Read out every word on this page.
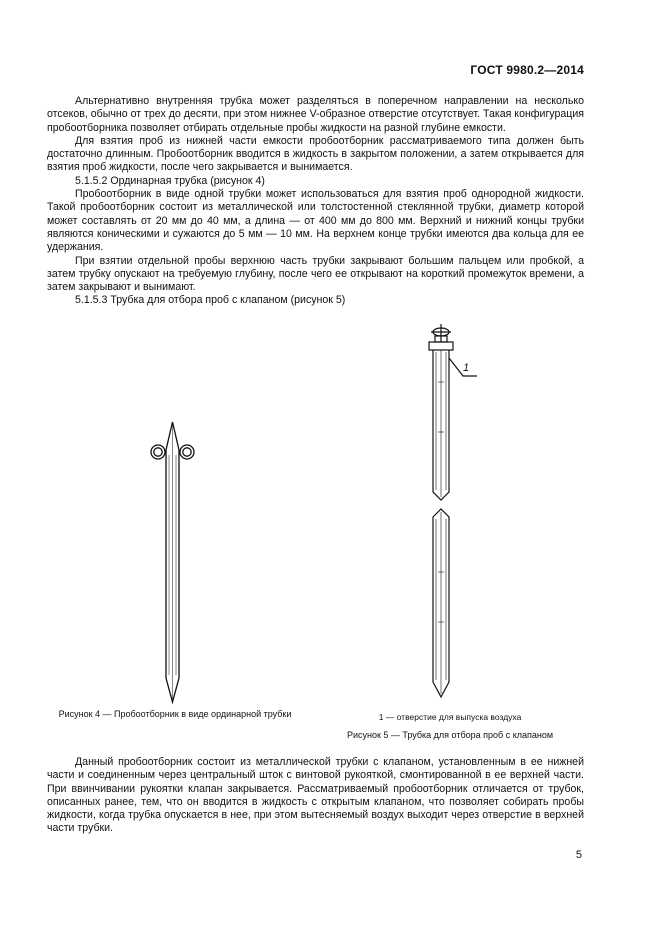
ГОСТ 9980.2—2014

Альтернативно внутренняя трубка может разделяться в поперечном направлении на несколько отсеков, обычно от трех до десяти, при этом нижнее V-образное отверстие отсутствует. Такая конфигурация пробоотборника позволяет отбирать отдельные пробы жидкости на разной глубине емкости.

Для взятия проб из нижней части емкости пробоотборник рассматриваемого типа должен быть достаточно длинным. Пробоотборник вводится в жидкость в закрытом положении, а затем открывается для взятия проб жидкости, после чего закрывается и вынимается.

5.1.5.2 Ординарная трубка (рисунок 4)

Пробоотборник в виде одной трубки может использоваться для взятия проб однородной жидкости. Такой пробоотборник состоит из металлической или толстостенной стеклянной трубки, диаметр которой может составлять от 20 мм до 40 мм, а длина — от 400 мм до 800 мм. Верхний и нижний концы трубки являются коническими и сужаются до 5 мм — 10 мм. На верхнем конце трубки имеются два кольца для ее удержания.

При взятии отдельной пробы верхнюю часть трубки закрывают большим пальцем или пробкой, а затем трубку опускают на требуемую глубину, после чего ее открывают на короткий промежуток времени, а затем закрывают и вынимают.

5.1.5.3 Трубка для отбора проб с клапаном (рисунок 5)

1
Рисунок 4 — Пробоотборник в виде ординарной трубки	1 — отверстие для выпуска воздуха
Рисунок 5 — Трубка для отбора проб с клапаном

Данный пробоотборник состоит из металлической трубки с клапаном, установленным в ее нижней части и соединенным через центральный шток с винтовой рукояткой, смонтированной в ее верхней части. При ввинчивании рукоятки клапан закрывается. Рассматриваемый пробоотборник отличается от трубок, описанных ранее, тем, что он вводится в жидкость с открытым клапаном, что позволяет собирать пробы жидкости, когда трубка опускается в нее, при этом вытесняемый воздух выходит через отверстие в верхней части трубки.

5
